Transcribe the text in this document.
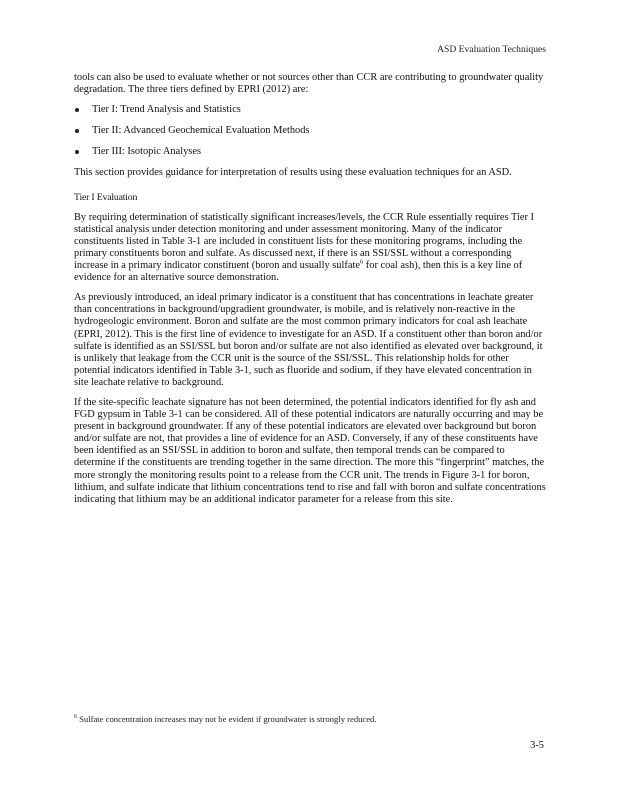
ASD Evaluation Techniques

tools can also be used to evaluate whether or not sources other than CCR are contributing to groundwater quality degradation. The three tiers defined by EPRI (2012) are:

Tier I: Trend Analysis and Statistics
Tier II: Advanced Geochemical Evaluation Methods
Tier III: Isotopic Analyses

This section provides guidance for interpretation of results using these evaluation techniques for an ASD.

Tier I Evaluation

By requiring determination of statistically significant increases/levels, the CCR Rule essentially requires Tier I statistical analysis under detection monitoring and under assessment monitoring. Many of the indicator constituents listed in Table 3-1 are included in constituent lists for these monitoring programs, including the primary constituents boron and sulfate. As discussed next, if there is an SSI/SSL without a corresponding increase in a primary indicator constituent (boron and usually sulfate$^6$ for coal ash), then this is a key line of evidence for an alternative source demonstration.

As previously introduced, an ideal primary indicator is a constituent that has concentrations in leachate greater than concentrations in background/upgradient groundwater, is mobile, and is relatively non-reactive in the hydrogeologic environment. Boron and sulfate are the most common primary indicators for coal ash leachate (EPRI, 2012). This is the first line of evidence to investigate for an ASD. If a constituent other than boron and/or sulfate is identified as an SSI/SSL but boron and/or sulfate are not also identified as elevated over background, it is unlikely that leakage from the CCR unit is the source of the SSI/SSL. This relationship holds for other potential indicators identified in Table 3-1, such as fluoride and sodium, if they have elevated concentration in site leachate relative to background.

If the site-specific leachate signature has not been determined, the potential indicators identified for fly ash and FGD gypsum in Table 3-1 can be considered. All of these potential indicators are naturally occurring and may be present in background groundwater. If any of these potential indicators are elevated over background but boron and/or sulfate are not, that provides a line of evidence for an ASD. Conversely, if any of these constituents have been identified as an SSI/SSL in addition to boron and sulfate, then temporal trends can be compared to determine if the constituents are trending together in the same direction. The more this “fingerprint” matches, the more strongly the monitoring results point to a release from the CCR unit. The trends in Figure 3-1 for boron, lithium, and sulfate indicate that lithium concentrations tend to rise and fall with boron and sulfate concentrations indicating that lithium may be an additional indicator parameter for a release from this site.

$^6$ Sulfate concentration increases may not be evident if groundwater is strongly reduced.
3-5
